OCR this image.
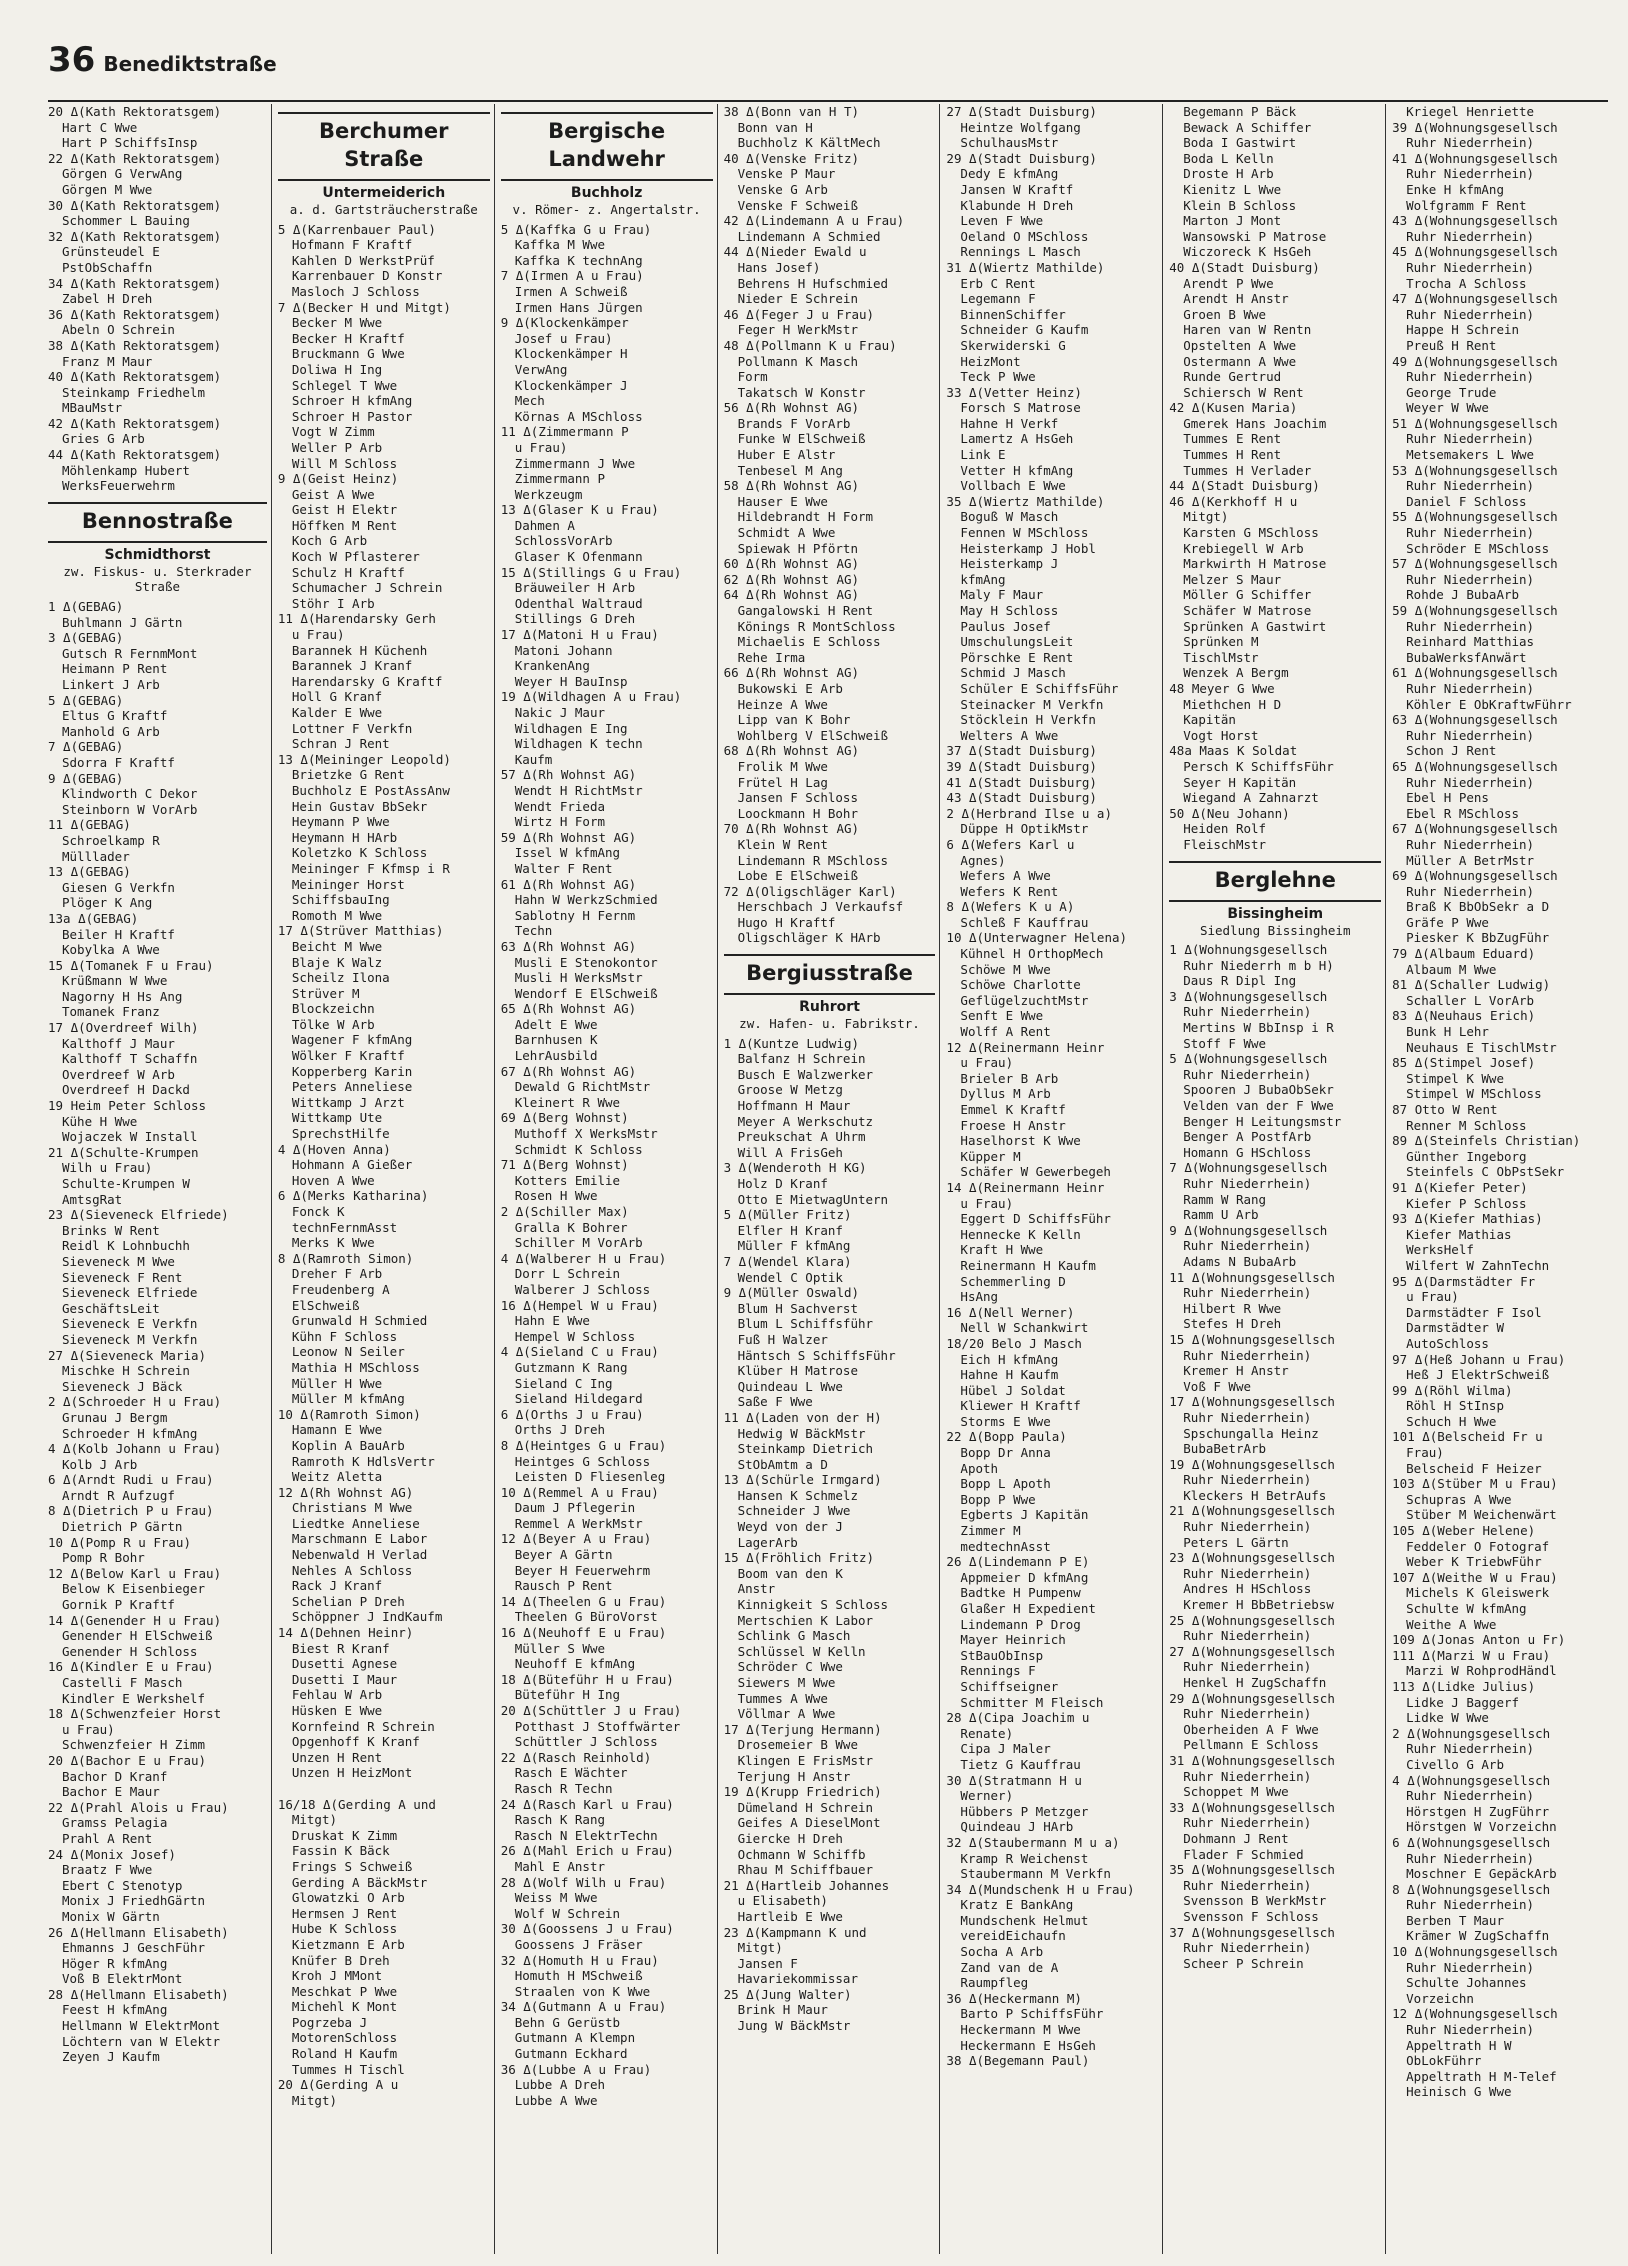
36 Benediktstraße
20 Δ(Kath Rektoratsgem)
Hart C Wwe
Hart P SchiffsInsp
22 Δ(Kath Rektoratsgem)
Görgen G VerwAng
Görgen M Wwe
30 Δ(Kath Rektoratsgem)
Schommer L Bauing
32 Δ(Kath Rektoratsgem)
Grünsteudel E
PstObSchaffn
34 Δ(Kath Rektoratsgem)
Zabel H Dreh
36 Δ(Kath Rektoratsgem)
Abeln O Schrein
38 Δ(Kath Rektoratsgem)
Franz M Maur
40 Δ(Kath Rektoratsgem)
Steinkamp Friedhelm
MBauMstr
42 Δ(Kath Rektoratsgem)
Gries G Arb
44 Δ(Kath Rektoratsgem)
Möhlenkamp Hubert
WerksFeuerwehrm
Bennostraße
Schmidthorst
zw. Fiskus- u. Sterkrader Straße
1 Δ(GEBAG)
Buhlmann J Gärtn
3 Δ(GEBAG)
Gutsch R FernmMont
Heimann P Rent
Linkert J Arb
5 Δ(GEBAG)
Eltus G Kraftf
Manhold G Arb
7 Δ(GEBAG)
Sdorra F Kraftf
9 Δ(GEBAG)
Klindworth C Dekor
Steinborn W VorArb
11 Δ(GEBAG)
Schroelkamp R
Mülllader
13 Δ(GEBAG)
Giesen G Verkfn
Plöger K Ang
13a Δ(GEBAG)
Beiler H Kraftf
Kobylka A Wwe
15 Δ(Tomanek F u Frau)
Krüßmann W Wwe
Nagorny H Hs Ang
Tomanek Franz
17 Δ(Overdreef Wilh)
Kalthoff J Maur
Kalthoff T Schaffn
Overdreef W Arb
Overdreef H Dackd
19 Heim Peter Schloss
Kühe H Wwe
Wojaczek W Install
21 Δ(Schulte-Krumpen
Wilh u Frau)
Schulte-Krumpen W
AmtsgRat
23 Δ(Sieveneck Elfriede)
Brinks W Rent
Reidl K Lohnbuchh
Sieveneck M Wwe
Sieveneck F Rent
Sieveneck Elfriede
GeschäftsLeit
Sieveneck E Verkfn
Sieveneck M Verkfn
27 Δ(Sieveneck Maria)
Mischke H Schrein
Sieveneck J Bäck
2 Δ(Schroeder H u Frau)
Grunau J Bergm
Schroeder H kfmAng
4 Δ(Kolb Johann u Frau)
Kolb J Arb
6 Δ(Arndt Rudi u Frau)
Arndt R Aufzugf
8 Δ(Dietrich P u Frau)
Dietrich P Gärtn
10 Δ(Pomp R u Frau)
Pomp R Bohr
12 Δ(Below Karl u Frau)
Below K Eisenbieger
Gornik P Kraftf
14 Δ(Genender H u Frau)
Genender H ElSchweiß
Genender H Schloss
16 Δ(Kindler E u Frau)
Castelli F Masch
Kindler E Werkshelf
18 Δ(Schwenzfeier Horst
u Frau)
Schwenzfeier H Zimm
20 Δ(Bachor E u Frau)
Bachor D Kranf
Bachor E Maur
22 Δ(Prahl Alois u Frau)
Gramss Pelagia
Prahl A Rent
24 Δ(Monix Josef)
Braatz F Wwe
Ebert C Stenotyp
Monix J FriedhGärtn
Monix W Gärtn
26 Δ(Hellmann Elisabeth)
Ehmanns J GeschFühr
Höger R kfmAng
Voß B ElektrMont
28 Δ(Hellmann Elisabeth)
Feest H kfmAng
Hellmann W ElektrMont
Löchtern van W Elektr
Zeyen J Kaufm
Berchumer Straße
Untermeiderich
a. d. Gartsträucherstraße
5 Δ(Karrenbauer Paul)
Hofmann F Kraftf
Kahlen D WerkstPrüf
Karrenbauer D Konstr
Masloch J Schloss
7 Δ(Becker H und Mitgt)
Becker M Wwe
Becker H Kraftf
Bruckmann G Wwe
Doliwa H Ing
Schlegel T Wwe
Schroer H kfmAng
Schroer H Pastor
Vogt W Zimm
Weller P Arb
Will M Schloss
9 Δ(Geist Heinz)
Geist A Wwe
Geist H Elektr
Höffken M Rent
Koch G Arb
Koch W Pflasterer
Schulz H Kraftf
Schumacher J Schrein
Stöhr I Arb
11 Δ(Harendarsky Gerh
u Frau)
Barannek H Küchenh
Barannek J Kranf
Harendarsky G Kraftf
Holl G Kranf
Kalder E Wwe
Lottner F Verkfn
Schran J Rent
13 Δ(Meininger Leopold)
Brietzke G Rent
Buchholz E PostAssAnw
Hein Gustav BbSekr
Heymann P Wwe
Heymann H HArb
Koletzko K Schloss
Meininger F Kfmsp i R
Meininger Horst
SchiffsbauIng
Romoth M Wwe
17 Δ(Strüver Matthias)
Beicht M Wwe
Blaje K Walz
Scheilz Ilona
Strüver M
Blockzeichn
Tölke W Arb
Wagener F kfmAng
Wölker F Kraftf
Kopperberg Karin
Peters Anneliese
Wittkamp J Arzt
Wittkamp Ute
SprechstHilfe
4 Δ(Hoven Anna)
Hohmann A Gießer
Hoven A Wwe
6 Δ(Merks Katharina)
Fonck K
technFernmAsst
Merks K Wwe
8 Δ(Ramroth Simon)
Dreher F Arb
Freudenberg A
ElSchweiß
Grunwald H Schmied
Kühn F Schloss
Leonow N Seiler
Mathia H MSchloss
Müller H Wwe
Müller M kfmAng
10 Δ(Ramroth Simon)
Hamann E Wwe
Koplin A BauArb
Ramroth K HdlsVertr
Weitz Aletta
12 Δ(Rh Wohnst AG)
Christians M Wwe
Liedtke Anneliese
Marschmann E Labor
Nebenwald H Verlad
Nehles A Schloss
Rack J Kranf
Schelian P Dreh
Schöppner J IndKaufm
14 Δ(Dehnen Heinr)
Biest R Kranf
Dusetti Agnese
Dusetti I Maur
Fehlau W Arb
Hüsken E Wwe
Kornfeind R Schrein
Opgenhoff K Kranf
Unzen H Rent
Unzen H HeizMont

16/18 Δ(Gerding A und
Mitgt)
Druskat K Zimm
Fassin K Bäck
Frings S Schweiß
Gerding A BäckMstr
Glowatzki O Arb
Hermsen J Rent
Hube K Schloss
Kietzmann E Arb
Knüfer B Dreh
Kroh J MMont
Meschkat P Wwe
Michehl K Mont
Pogrzeba J
MotorenSchloss
Roland H Kaufm
Tummes H Tischl
20 Δ(Gerding A u
Mitgt)
Bergische Landwehr
Buchholz
v. Römer- z. Angertalstr.
5 Δ(Kaffka G u Frau)
Kaffka M Wwe
Kaffka K technAng
7 Δ(Irmen A u Frau)
Irmen A Schweiß
Irmen Hans Jürgen
9 Δ(Klockenkämper
Josef u Frau)
Klockenkämper H
VerwAng
Klockenkämper J
Mech
Körnas A MSchloss
11 Δ(Zimmermann P
u Frau)
Zimmermann J Wwe
Zimmermann P
Werkzeugm
13 Δ(Glaser K u Frau)
Dahmen A
SchlossVorArb
Glaser K Ofenmann
15 Δ(Stillings G u Frau)
Bräuweiler H Arb
Odenthal Waltraud
Stillings G Dreh
17 Δ(Matoni H u Frau)
Matoni Johann
KrankenAng
Weyer H BauInsp
19 Δ(Wildhagen A u Frau)
Nakic J Maur
Wildhagen E Ing
Wildhagen K techn
Kaufm
57 Δ(Rh Wohnst AG)
Wendt H RichtMstr
Wendt Frieda
Wirtz H Form
59 Δ(Rh Wohnst AG)
Issel W kfmAng
Walter F Rent
61 Δ(Rh Wohnst AG)
Hahn W WerkzSchmied
Sablotny H Fernm
Techn
63 Δ(Rh Wohnst AG)
Musli E Stenokontor
Musli H WerksMstr
Wendorf E ElSchweiß
65 Δ(Rh Wohnst AG)
Adelt E Wwe
Barnhusen K
LehrAusbild
67 Δ(Rh Wohnst AG)
Dewald G RichtMstr
Kleinert R Wwe
69 Δ(Berg Wohnst)
Muthoff X WerksMstr
Schmidt K Schloss
71 Δ(Berg Wohnst)
Kotters Emilie
Rosen H Wwe
2 Δ(Schiller Max)
Gralla K Bohrer
Schiller M VorArb
4 Δ(Walberer H u Frau)
Dorr L Schrein
Walberer J Schloss
16 Δ(Hempel W u Frau)
Hahn E Wwe
Hempel W Schloss
4 Δ(Sieland C u Frau)
Gutzmann K Rang
Sieland C Ing
Sieland Hildegard
6 Δ(Orths J u Frau)
Orths J Dreh
8 Δ(Heintges G u Frau)
Heintges G Schloss
Leisten D Fliesenleg
10 Δ(Remmel A u Frau)
Daum J Pflegerin
Remmel A WerkMstr
12 Δ(Beyer A u Frau)
Beyer A Gärtn
Beyer H Feuerwehrm
Rausch P Rent
14 Δ(Theelen G u Frau)
Theelen G BüroVorst
16 Δ(Neuhoff E u Frau)
Müller S Wwe
Neuhoff E kfmAng
18 Δ(Büteführ H u Frau)
Büteführ H Ing
20 Δ(Schüttler J u Frau)
Potthast J Stoffwärter
Schüttler J Schloss
22 Δ(Rasch Reinhold)
Rasch E Wächter
Rasch R Techn
24 Δ(Rasch Karl u Frau)
Rasch K Rang
Rasch N ElektrTechn
26 Δ(Mahl Erich u Frau)
Mahl E Anstr
28 Δ(Wolf Wilh u Frau)
Weiss M Wwe
Wolf W Schrein
30 Δ(Goossens J u Frau)
Goossens J Fräser
32 Δ(Homuth H u Frau)
Homuth H MSchweiß
Straalen von K Wwe
34 Δ(Gutmann A u Frau)
Behn G Gerüstb
Gutmann A Klempn
Gutmann Eckhard
36 Δ(Lubbe A u Frau)
Lubbe A Dreh
Lubbe A Wwe
38 Δ(Bonn van H T)
Bonn van H
Buchholz K KältMech
40 Δ(Venske Fritz)
Venske P Maur
Venske G Arb
Venske F Schweiß
42 Δ(Lindemann A u Frau)
Lindemann A Schmied
44 Δ(Nieder Ewald u
Hans Josef)
Behrens H Hufschmied
Nieder E Schrein
46 Δ(Feger J u Frau)
Feger H WerkMstr
48 Δ(Pollmann K u Frau)
Pollmann K Masch
Form
Takatsch W Konstr
56 Δ(Rh Wohnst AG)
Brands F VorArb
Funke W ElSchweiß
Huber E Alstr
Tenbesel M Ang
58 Δ(Rh Wohnst AG)
Hauser E Wwe
Hildebrandt H Form
Schmidt A Wwe
Spiewak H Pförtn
60 Δ(Rh Wohnst AG)
62 Δ(Rh Wohnst AG)
64 Δ(Rh Wohnst AG)
Gangalowski H Rent
Könings R MontSchloss
Michaelis E Schloss
Rehe Irma
66 Δ(Rh Wohnst AG)
Bukowski E Arb
Heinze A Wwe
Lipp van K Bohr
Wohlberg V ElSchweiß
68 Δ(Rh Wohnst AG)
Frolik M Wwe
Frütel H Lag
Jansen F Schloss
Loockmann H Bohr
70 Δ(Rh Wohnst AG)
Klein W Rent
Lindemann R MSchloss
Lobe E ElSchweiß
72 Δ(Oligschläger Karl)
Herschbach J Verkaufsf
Hugo H Kraftf
Oligschläger K HArb
Bergiusstraße
Ruhrort
zw. Hafen- u. Fabrikstr.
1 Δ(Kuntze Ludwig)
Balfanz H Schrein
Busch E Walzwerker
Groose W Metzg
Hoffmann H Maur
Meyer A Werkschutz
Preukschat A Uhrm
Will A FrisGeh
3 Δ(Wenderoth H KG)
Holz D Kranf
Otto E MietwagUntern
5 Δ(Müller Fritz)
Elfler H Kranf
Müller F kfmAng
7 Δ(Wendel Klara)
Wendel C Optik
9 Δ(Müller Oswald)
Blum H Sachverst
Blum L Schiffsführ
Fuß H Walzer
Häntsch S SchiffsFühr
Klüber H Matrose
Quindeau L Wwe
Saße F Wwe
11 Δ(Laden von der H)
Hedwig W BäckMstr
Steinkamp Dietrich
StObAmtm a D
13 Δ(Schürle Irmgard)
Hansen K Schmelz
Schneider J Wwe
Weyd von der J
LagerArb
15 Δ(Fröhlich Fritz)
Boom van den K
Anstr
Kinnigkeit S Schloss
Mertschien K Labor
Schlink G Masch
Schlüssel W Kelln
Schröder C Wwe
Siewers M Wwe
Tummes A Wwe
Völlmar A Wwe
17 Δ(Terjung Hermann)
Drosemeier B Wwe
Klingen E FrisMstr
Terjung H Anstr
19 Δ(Krupp Friedrich)
Dümeland H Schrein
Geifes A DieselMont
Giercke H Dreh
Ochmann W Schiffb
Rhau M Schiffbauer
21 Δ(Hartleib Johannes
u Elisabeth)
Hartleib E Wwe
23 Δ(Kampmann K und
Mitgt)
Jansen F
Havariekommissar
25 Δ(Jung Walter)
Brink H Maur
Jung W BäckMstr
27 Δ(Stadt Duisburg)
Heintze Wolfgang
SchulhausMstr
29 Δ(Stadt Duisburg)
Dedy E kfmAng
Jansen W Kraftf
Klabunde H Dreh
Leven F Wwe
Oeland O MSchloss
Rennings L Masch
31 Δ(Wiertz Mathilde)
Erb C Rent
Legemann F
BinnenSchiffer
Schneider G Kaufm
Skerwiderski G
HeizMont
Teck P Wwe
33 Δ(Vetter Heinz)
Forsch S Matrose
Hahne H Verkf
Lamertz A HsGeh
Link E
Vetter H kfmAng
Vollbach E Wwe
35 Δ(Wiertz Mathilde)
Boguß W Masch
Fennen W MSchloss
Heisterkamp J Hobl
Heisterkamp J
kfmAng
Maly F Maur
May H Schloss
Paulus Josef
UmschulungsLeit
Pörschke E Rent
Schmid J Masch
Schüler E SchiffsFühr
Steinacker M Verkfn
Stöcklein H Verkfn
Welters A Wwe
37 Δ(Stadt Duisburg)
39 Δ(Stadt Duisburg)
41 Δ(Stadt Duisburg)
43 Δ(Stadt Duisburg)
2 Δ(Herbrand Ilse u a)
Düppe H OptikMstr
6 Δ(Wefers Karl u
Agnes)
Wefers A Wwe
Wefers K Rent
8 Δ(Wefers K u A)
Schleß F Kauffrau
10 Δ(Unterwagner Helena)
Kühnel H OrthopMech
Schöwe M Wwe
Schöwe Charlotte
GeflügelzuchtMstr
Senft E Wwe
Wolff A Rent
12 Δ(Reinermann Heinr
u Frau)
Brieler B Arb
Dyllus M Arb
Emmel K Kraftf
Froese H Anstr
Haselhorst K Wwe
Küpper M
Schäfer W Gewerbegeh
14 Δ(Reinermann Heinr
u Frau)
Eggert D SchiffsFühr
Hennecke K Kelln
Kraft H Wwe
Reinermann H Kaufm
Schemmerling D
HsAng
16 Δ(Nell Werner)
Nell W Schankwirt
18/20 Belo J Masch
Eich H kfmAng
Hahne H Kaufm
Hübel J Soldat
Kliewer H Kraftf
Storms E Wwe
22 Δ(Bopp Paula)
Bopp Dr Anna
Apoth
Bopp L Apoth
Bopp P Wwe
Egberts J Kapitän
Zimmer M
medtechnAsst
26 Δ(Lindemann P E)
Appmeier D kfmAng
Badtke H Pumpenw
Glaßer H Expedient
Lindemann P Drog
Mayer Heinrich
StBauObInsp
Rennings F
Schiffseigner
Schmitter M Fleisch
28 Δ(Cipa Joachim u
Renate)
Cipa J Maler
Tietz G Kauffrau
30 Δ(Stratmann H u
Werner)
Hübbers P Metzger
Quindeau J HArb
32 Δ(Staubermann M u a)
Kramp R Weichenst
Staubermann M Verkfn
34 Δ(Mundschenk H u Frau)
Kratz E BankAng
Mundschenk Helmut
vereidEichaufn
Socha A Arb
Zand van de A
Raumpfleg
36 Δ(Heckermann M)
Barto P SchiffsFühr
Heckermann M Wwe
Heckermann E HsGeh
38 Δ(Begemann Paul)
Begemann P Bäck
Bewack A Schiffer
Boda I Gastwirt
Boda L Kelln
Droste H Arb
Kienitz L Wwe
Klein B Schloss
Marton J Mont
Wansowski P Matrose
Wiczoreck K HsGeh
40 Δ(Stadt Duisburg)
Arendt P Wwe
Arendt H Anstr
Groen B Wwe
Haren van W Rentn
Opstelten A Wwe
Ostermann A Wwe
Runde Gertrud
Schiersch W Rent
42 Δ(Kusen Maria)
Gmerek Hans Joachim
Tummes E Rent
Tummes H Rent
Tummes H Verlader
44 Δ(Stadt Duisburg)
46 Δ(Kerkhoff H u
Mitgt)
Karsten G MSchloss
Krebiegell W Arb
Markwirth H Matrose
Melzer S Maur
Möller G Schiffer
Schäfer W Matrose
Sprünken A Gastwirt
Sprünken M
TischlMstr
Wenzek A Bergm
48 Meyer G Wwe
Miethchen H D
Kapitän
Vogt Horst
48a Maas K Soldat
Persch K SchiffsFühr
Seyer H Kapitän
Wiegand A Zahnarzt
50 Δ(Neu Johann)
Heiden Rolf
FleischMstr
Berglehne
Bissingheim
Siedlung Bissingheim
1 Δ(Wohnungsgesellsch
Ruhr Niederrh m b H)
Daus R Dipl Ing
3 Δ(Wohnungsgesellsch
Ruhr Niederrhein)
Mertins W BbInsp i R
Stoff F Wwe
5 Δ(Wohnungsgesellsch
Ruhr Niederrhein)
Spooren J BubaObSekr
Velden van der F Wwe
Benger H Leitungsmstr
Benger A PostfArb
Homann G HSchloss
7 Δ(Wohnungsgesellsch
Ruhr Niederrhein)
Ramm W Rang
Ramm U Arb
9 Δ(Wohnungsgesellsch
Ruhr Niederrhein)
Adams N BubaArb
11 Δ(Wohnungsgesellsch
Ruhr Niederrhein)
Hilbert R Wwe
Stefes H Dreh
15 Δ(Wohnungsgesellsch
Ruhr Niederrhein)
Kremer H Anstr
Voß F Wwe
17 Δ(Wohnungsgesellsch
Ruhr Niederrhein)
Spschungalla Heinz
BubaBetrArb
19 Δ(Wohnungsgesellsch
Ruhr Niederrhein)
Kleckers H BetrAufs
21 Δ(Wohnungsgesellsch
Ruhr Niederrhein)
Peters L Gärtn
23 Δ(Wohnungsgesellsch
Ruhr Niederrhein)
Andres H HSchloss
Kremer H BbBetriebsw
25 Δ(Wohnungsgesellsch
Ruhr Niederrhein)
27 Δ(Wohnungsgesellsch
Ruhr Niederrhein)
Henkel H ZugSchaffn
29 Δ(Wohnungsgesellsch
Ruhr Niederrhein)
Oberheiden A F Wwe
Pellmann E Schloss
31 Δ(Wohnungsgesellsch
Ruhr Niederrhein)
Schoppet M Wwe
33 Δ(Wohnungsgesellsch
Ruhr Niederrhein)
Dohmann J Rent
Flader F Schmied
35 Δ(Wohnungsgesellsch
Ruhr Niederrhein)
Svensson B WerkMstr
Svensson F Schloss
37 Δ(Wohnungsgesellsch
Ruhr Niederrhein)
Scheer P Schrein
Kriegel Henriette
39 Δ(Wohnungsgesellsch
Ruhr Niederrhein)
41 Δ(Wohnungsgesellsch
Ruhr Niederrhein)
Enke H kfmAng
Wolfgramm F Rent
43 Δ(Wohnungsgesellsch
Ruhr Niederrhein)
45 Δ(Wohnungsgesellsch
Ruhr Niederrhein)
Trocha A Schloss
47 Δ(Wohnungsgesellsch
Ruhr Niederrhein)
Happe H Schrein
Preuß H Rent
49 Δ(Wohnungsgesellsch
Ruhr Niederrhein)
George Trude
Weyer W Wwe
51 Δ(Wohnungsgesellsch
Ruhr Niederrhein)
Metsemakers L Wwe
53 Δ(Wohnungsgesellsch
Ruhr Niederrhein)
Daniel F Schloss
55 Δ(Wohnungsgesellsch
Ruhr Niederrhein)
Schröder E MSchloss
57 Δ(Wohnungsgesellsch
Ruhr Niederrhein)
Rohde J BubaArb
59 Δ(Wohnungsgesellsch
Ruhr Niederrhein)
Reinhard Matthias
BubaWerksfAnwärt
61 Δ(Wohnungsgesellsch
Ruhr Niederrhein)
Köhler E ObKraftwFührr
63 Δ(Wohnungsgesellsch
Ruhr Niederrhein)
Schon J Rent
65 Δ(Wohnungsgesellsch
Ruhr Niederrhein)
Ebel H Pens
Ebel R MSchloss
67 Δ(Wohnungsgesellsch
Ruhr Niederrhein)
Müller A BetrMstr
69 Δ(Wohnungsgesellsch
Ruhr Niederrhein)
Braß K BbObSekr a D
Gräfe P Wwe
Piesker K BbZugFühr
79 Δ(Albaum Eduard)
Albaum M Wwe
81 Δ(Schaller Ludwig)
Schaller L VorArb
83 Δ(Neuhaus Erich)
Bunk H Lehr
Neuhaus E TischlMstr
85 Δ(Stimpel Josef)
Stimpel K Wwe
Stimpel W MSchloss
87 Otto W Rent
Renner M Schloss
89 Δ(Steinfels Christian)
Günther Ingeborg
Steinfels C ObPstSekr
91 Δ(Kiefer Peter)
Kiefer P Schloss
93 Δ(Kiefer Mathias)
Kiefer Mathias
WerksHelf
Wilfert W ZahnTechn
95 Δ(Darmstädter Fr
u Frau)
Darmstädter F Isol
Darmstädter W
AutoSchloss
97 Δ(Heß Johann u Frau)
Heß J ElektrSchweiß
99 Δ(Röhl Wilma)
Röhl H StInsp
Schuch H Wwe
101 Δ(Belscheid Fr u
Frau)
Belscheid F Heizer
103 Δ(Stüber M u Frau)
Schupras A Wwe
Stüber M Weichenwärt
105 Δ(Weber Helene)
Feddeler O Fotograf
Weber K TriebwFühr
107 Δ(Weithe W u Frau)
Michels K Gleiswerk
Schulte W kfmAng
Weithe A Wwe
109 Δ(Jonas Anton u Fr)
111 Δ(Marzi W u Frau)
Marzi W RohprodHändl
113 Δ(Lidke Julius)
Lidke J Baggerf
Lidke W Wwe
2 Δ(Wohnungsgesellsch
Ruhr Niederrhein)
Civello G Arb
4 Δ(Wohnungsgesellsch
Ruhr Niederrhein)
Hörstgen H ZugFührr
Hörstgen W Vorzeichn
6 Δ(Wohnungsgesellsch
Ruhr Niederrhein)
Moschner E GepäckArb
8 Δ(Wohnungsgesellsch
Ruhr Niederrhein)
Berben T Maur
Krämer W ZugSchaffn
10 Δ(Wohnungsgesellsch
Ruhr Niederrhein)
Schulte Johannes
Vorzeichn
12 Δ(Wohnungsgesellsch
Ruhr Niederrhein)
Appeltrath H W
ObLokFührr
Appeltrath H M-Telef
Heinisch G Wwe
